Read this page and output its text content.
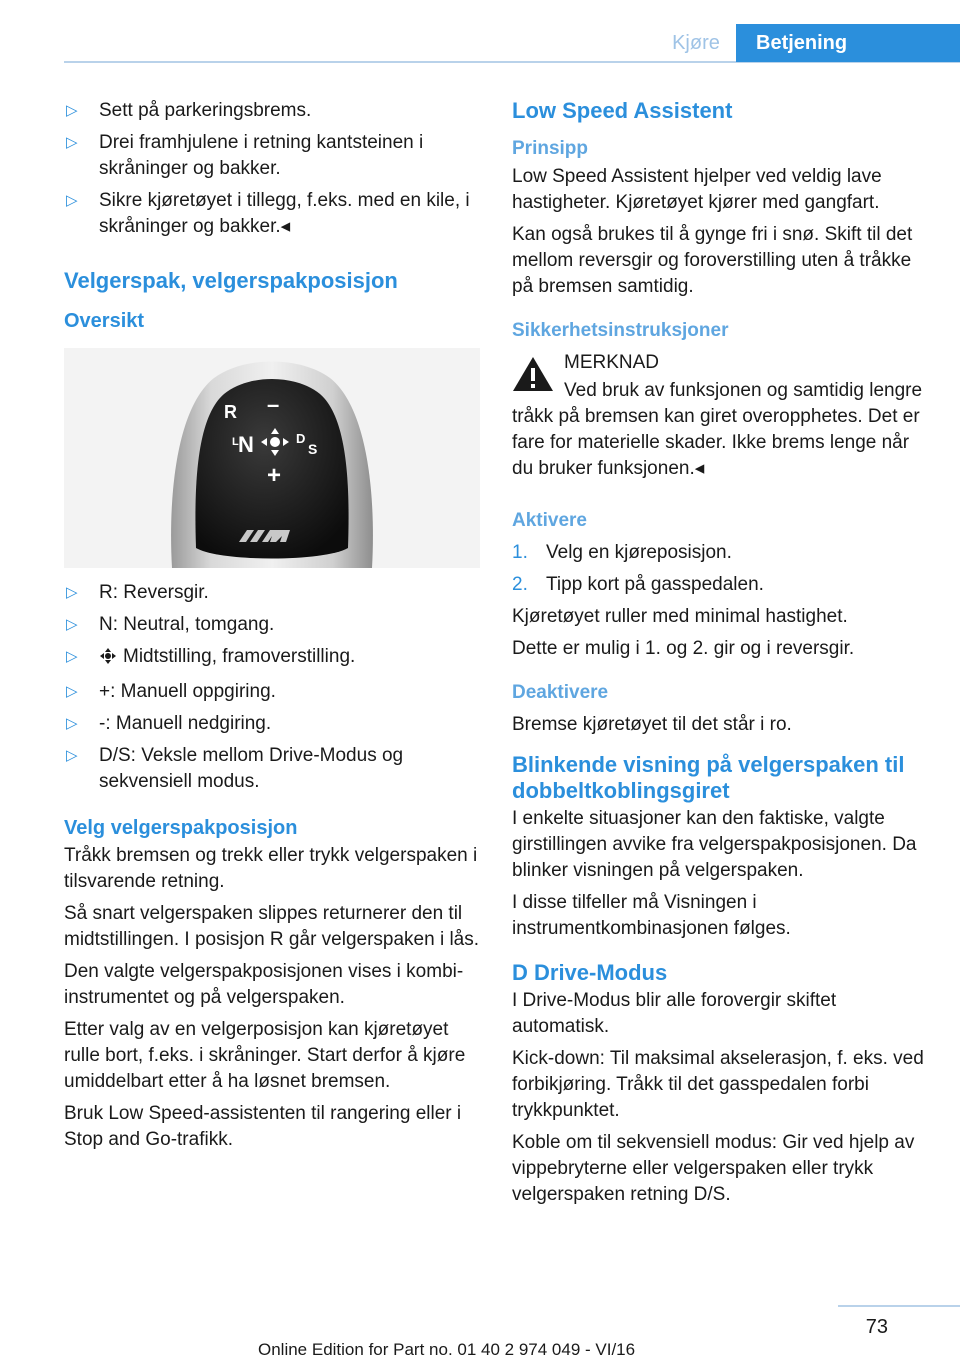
Kjøre	Betjening
▷ Sett på parkeringsbrems.
▷ Drei framhjulene i retning kantsteinen i skråninger og bakker.
▷ Sikre kjøretøyet i tillegg, f.eks. med en kile, i skråninger og bakker.◂
Velgerspak, velgerspakposisjon
Oversikt
R –
L N	D
S
+
▷ R: Reversgir.
▷ N: Neutral, tomgang.
▷ Midtstilling, framoverstilling.
▷ +: Manuell oppgiring.
▷ -: Manuell nedgiring.
▷ D/S: Veksle mellom Drive-Modus og sekvensiell modus.
Velg velgerspakposisjon

Tråkk bremsen og trekk eller trykk velgerspaken i tilsvarende retning.

Så snart velgerspaken slippes returnerer den til midtstillingen. I posisjon R går velgerspaken i lås.

Den valgte velgerspakposisjonen vises i kombi-instrumentet og på velgerspaken.

Etter valg av en velgerposisjon kan kjøretøyet rulle bort, f.eks. i skråninger. Start derfor å kjøre umiddelbart etter å ha løsnet bremsen.

Bruk Low Speed-assistenten til rangering eller i Stop and Go-trafikk.

Low Speed Assistent
Prinsipp

Low Speed Assistent hjelper ved veldig lave hastigheter. Kjøretøyet kjører med gangfart.

Kan også brukes til å gynge fri i snø. Skift til det mellom reversgir og foroverstilling uten å tråkke på bremsen samtidig.

Sikkerhetsinstruksjoner

MERKNAD

Ved bruk av funksjonen og samtidig lengre tråkk på bremsen kan giret overopphetes. Det er fare for materielle skader. Ikke brems lenge når du bruker funksjonen.◂

Aktivere
1. Velg en kjøreposisjon.
2. Tipp kort på gasspedalen.

Kjøretøyet ruller med minimal hastighet.

Dette er mulig i 1. og 2. gir og i reversgir.

Deaktivere

Bremse kjøretøyet til det står i ro.

Blinkende visning på velgerspaken til dobbeltkoblingsgiret

I enkelte situasjoner kan den faktiske, valgte girstillingen avvike fra velgerspakposisjonen. Da blinker visningen på velgerspaken.

I disse tilfeller må Visningen i instrumentkombinasjonen følges.

D Drive-Modus

I Drive-Modus blir alle forovergir skiftet automatisk.

Kick-down: Til maksimal akselerasjon, f. eks. ved forbikjøring. Tråkk til det gasspedalen forbi trykkpunktet.

Koble om til sekvensiell modus: Gir ved hjelp av vippebryterne eller velgerspaken eller trykk velgerspaken retning D/S.

73
Online Edition for Part no. 01 40 2 974 049 - VI/16
